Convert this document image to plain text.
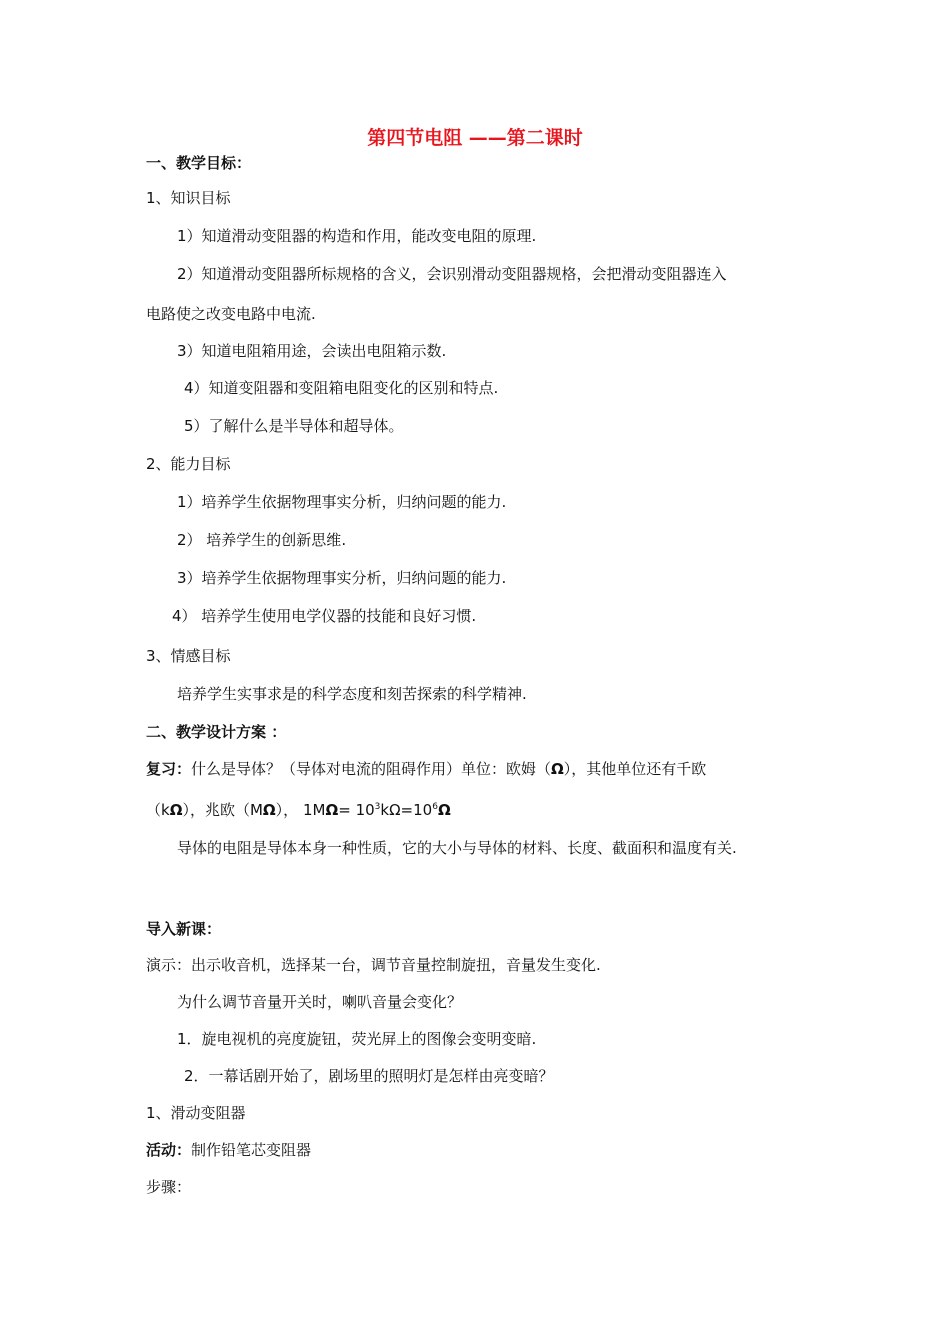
第四节电阻 ——第二课时
一、教学目标：
1、知识目标
1）知道滑动变阻器的构造和作用，能改变电阻的原理.
2）知道滑动变阻器所标规格的含义，会识别滑动变阻器规格，会把滑动变阻器连入
电路使之改变电路中电流.
3）知道电阻箱用途，会读出电阻箱示数.
4）知道变阻器和变阻箱电阻变化的区别和特点.
5）了解什么是半导体和超导体。
2、能力目标
1）培养学生依据物理事实分析，归纳问题的能力.
2） 培养学生的创新思维.
3）培养学生依据物理事实分析，归纳问题的能力.
4） 培养学生使用电学仪器的技能和良好习惯.
3、情感目标
培养学生实事求是的科学态度和刻苦探索的科学精神.
二、教学设计方案 ：
复习：什么是导体？（导体对电流的阻碍作用）单位：欧姆（Ω），其他单位还有千欧
（kΩ），兆欧（MΩ）， $1M\Omega= 10^3k\Omega=10^6\Omega$
导体的电阻是导体本身一种性质，它的大小与导体的材料、长度、截面积和温度有关.
导入新课：
演示：出示收音机，选择某一台，调节音量控制旋扭，音量发生变化.
为什么调节音量开关时，喇叭音量会变化？
1．旋电视机的亮度旋钮，荧光屏上的图像会变明变暗.
2．一幕话剧开始了，剧场里的照明灯是怎样由亮变暗？
1、滑动变阻器
活动：制作铅笔芯变阻器
步骤：
